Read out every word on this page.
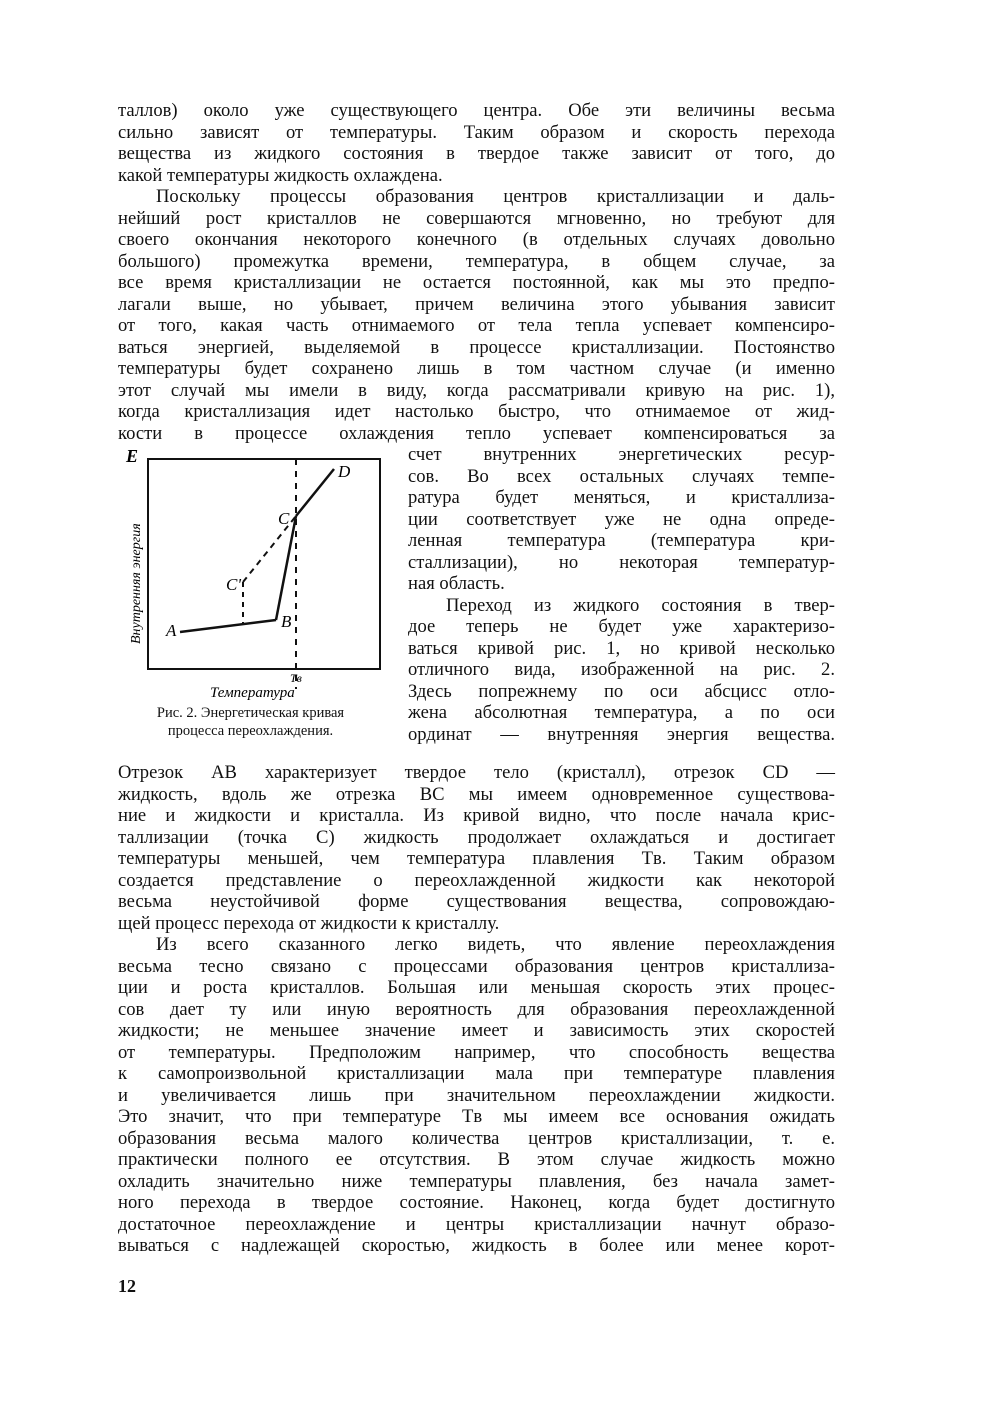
таллов) около уже существующего центра. Обе эти величины весьма
сильно зависят от температуры. Таким образом и скорость перехода
вещества из жидкого состояния в твердое также зависит от того, до
какой температуры жидкость охлаждена.

Поскольку процессы образования центров кристаллизации и даль-
нейший рост кристаллов не совершаются мгновенно, но требуют для
своего окончания некоторого конечного (в отдельных случаях довольно
большого) промежутка времени, температура, в общем случае, за
все время кристаллизации не остается постоянной, как мы это предпо-
лагали выше, но убывает, причем величина этого убывания зависит
от того, какая часть отнимаемого от тела тепла успевает компенсиро-
ваться энергией, выделяемой в процессе кристаллизации. Постоянство
температуры будет сохранено лишь в том частном случае (и именно
этот случай мы имели в виду, когда рассматривали кривую на рис. 1),
когда кристаллизация идет настолько быстро, что отнимаемое от жид-
кости в процессе охлаждения тепло успевает компенсироваться за

E
A	B
C
C'
D
Tв
Внутренняя энергия
Температура
Рис. 2. Энергетическая кривая
процесса переохлаждения.
счет внутренних энергетических ресур-
сов. Во всех остальных случаях темпе-
ратура будет меняться, и кристаллиза-
ции соответствует уже не одна опреде-
ленная температура (температура кри-
сталлизации), но некоторая температур-
ная область.
Переход из жидкого состояния в твер-
дое теперь не будет уже характеризо-
ваться кривой рис. 1, но кривой несколько
отличного вида, изображенной на рис. 2.
Здесь попрежнему по оси абсцисс отло-
жена абсолютная температура, а по оси
ординат — внутренняя энергия вещества.

Отрезок AB характеризует твердое тело (кристалл), отрезок CD —
жидкость, вдоль же отрезка BC мы имеем одновременное существова-
ние и жидкости и кристалла. Из кривой видно, что после начала крис-
таллизации (точка C) жидкость продолжает охлаждаться и достигает
температуры меньшей, чем температура плавления Tв. Таким образом
создается представление о переохлажденной жидкости как некоторой
весьма неустойчивой форме существования вещества, сопровождаю-
щей процесс перехода от жидкости к кристаллу.

Из всего сказанного легко видеть, что явление переохлаждения
весьма тесно связано с процессами образования центров кристаллиза-
ции и роста кристаллов. Большая или меньшая скорость этих процес-
сов дает ту или иную вероятность для образования переохлажденной
жидкости; не меньшее значение имеет и зависимость этих скоростей
от температуры. Предположим например, что способность вещества
к самопроизвольной кристаллизации мала при температуре плавления
и увеличивается лишь при значительном переохлаждении жидкости.
Это значит, что при температуре Tв мы имеем все основания ожидать
образования весьма малого количества центров кристаллизации, т. е.
практически полного ее отсутствия. В этом случае жидкость можно
охладить значительно ниже температуры плавления, без начала замет-
ного перехода в твердое состояние. Наконец, когда будет достигнуто
достаточное переохлаждение и центры кристаллизации начнут образо-
вываться с надлежащей скоростью, жидкость в более или менее корот-

12
